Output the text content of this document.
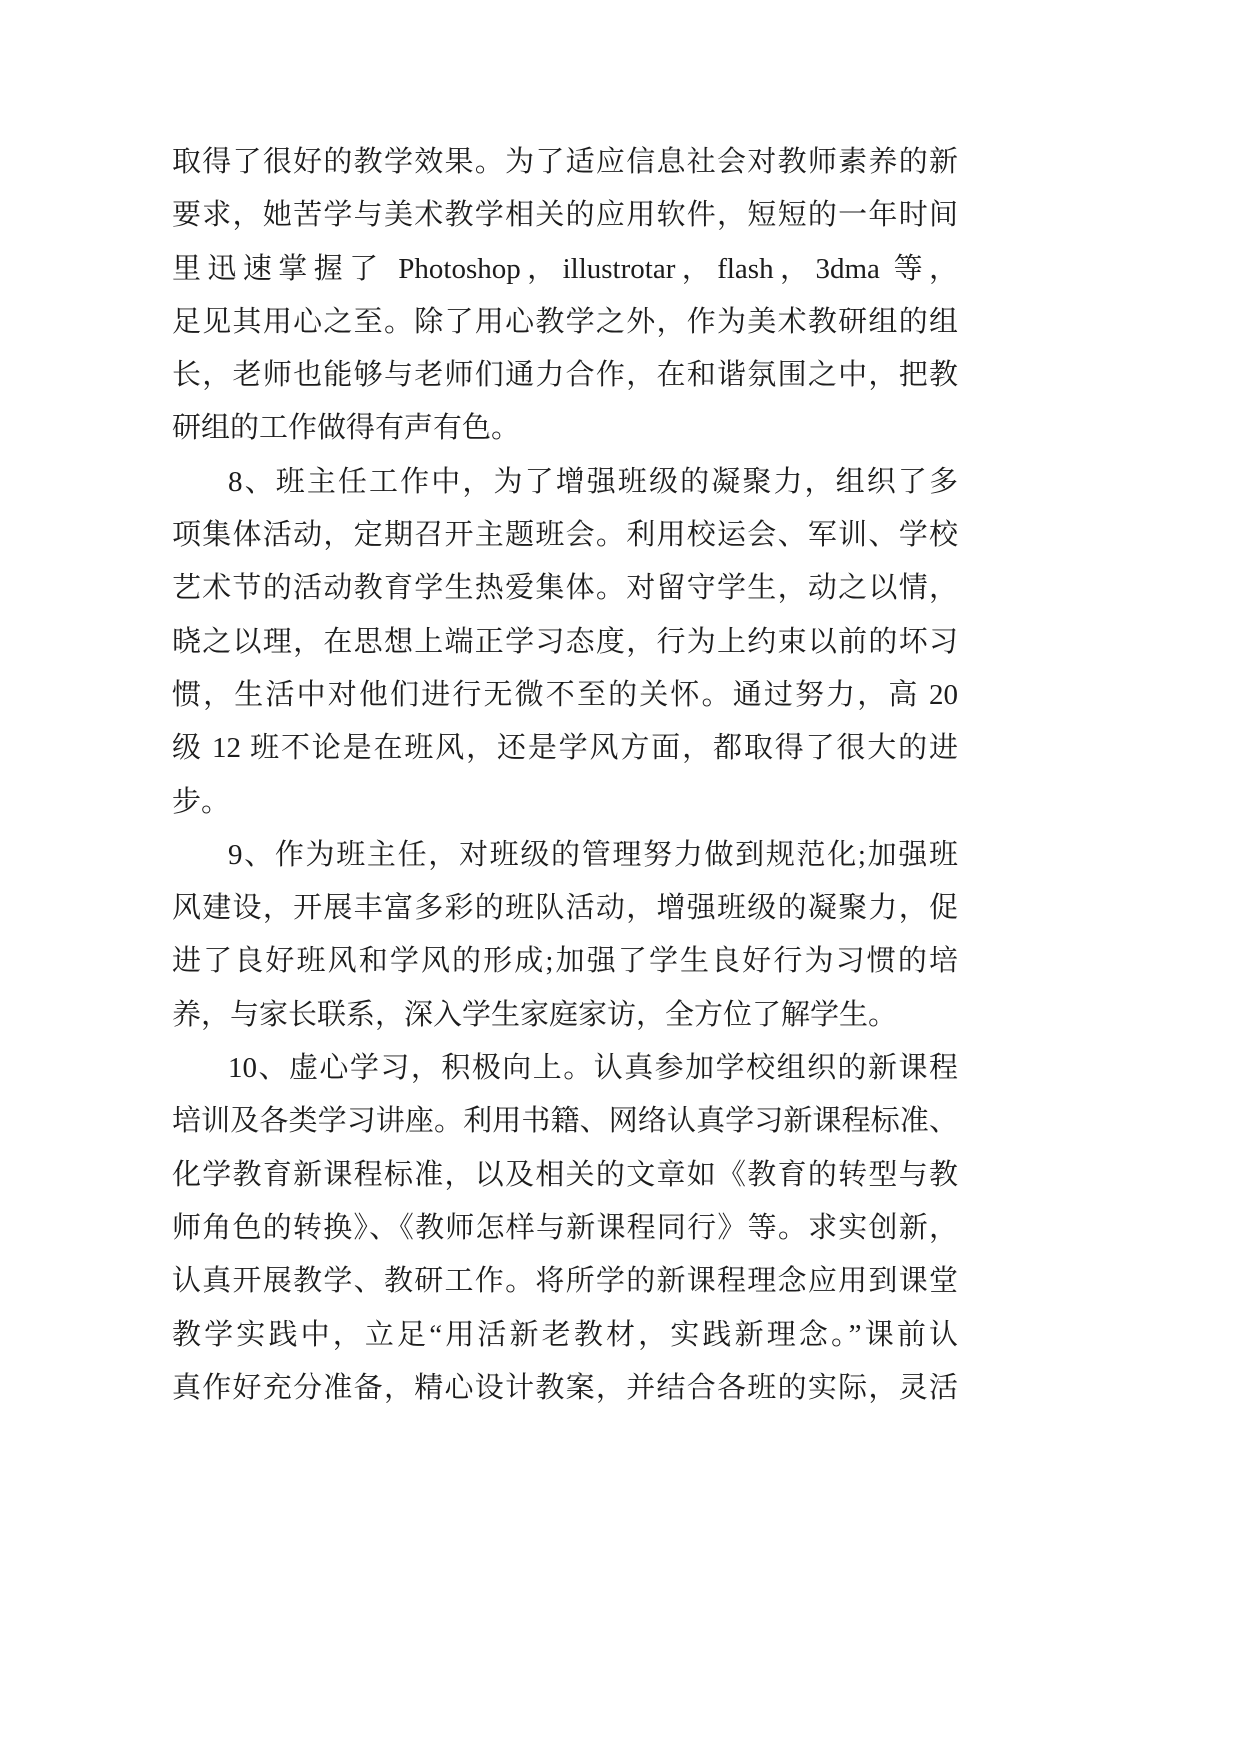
取得了很好的教学效果。为了适应信息社会对教师素养的新
要求，她苦学与美术教学相关的应用软件，短短的一年时间
里迅速掌握了 Photoshop，illustrotar，flash，3dma 等，
足见其用心之至。除了用心教学之外，作为美术教研组的组
长，老师也能够与老师们通力合作，在和谐氛围之中，把教
研组的工作做得有声有色。
8、班主任工作中，为了增强班级的凝聚力，组织了多
项集体活动，定期召开主题班会。利用校运会、军训、学校
艺术节的活动教育学生热爱集体。对留守学生，动之以情，
晓之以理，在思想上端正学习态度，行为上约束以前的坏习
惯，生活中对他们进行无微不至的关怀。通过努力，高 20
级 12 班不论是在班风，还是学风方面，都取得了很大的进
步。
9、作为班主任，对班级的管理努力做到规范化;加强班
风建设，开展丰富多彩的班队活动，增强班级的凝聚力，促
进了良好班风和学风的形成;加强了学生良好行为习惯的培
养，与家长联系，深入学生家庭家访，全方位了解学生。
10、虚心学习，积极向上。认真参加学校组织的新课程
培训及各类学习讲座。利用书籍、网络认真学习新课程标准、
化学教育新课程标准，以及相关的文章如《教育的转型与教
师角色的转换》、《教师怎样与新课程同行》等。求实创新，
认真开展教学、教研工作。将所学的新课程理念应用到课堂
教学实践中，立足“用活新老教材，实践新理念。”课前认
真作好充分准备，精心设计教案，并结合各班的实际，灵活
